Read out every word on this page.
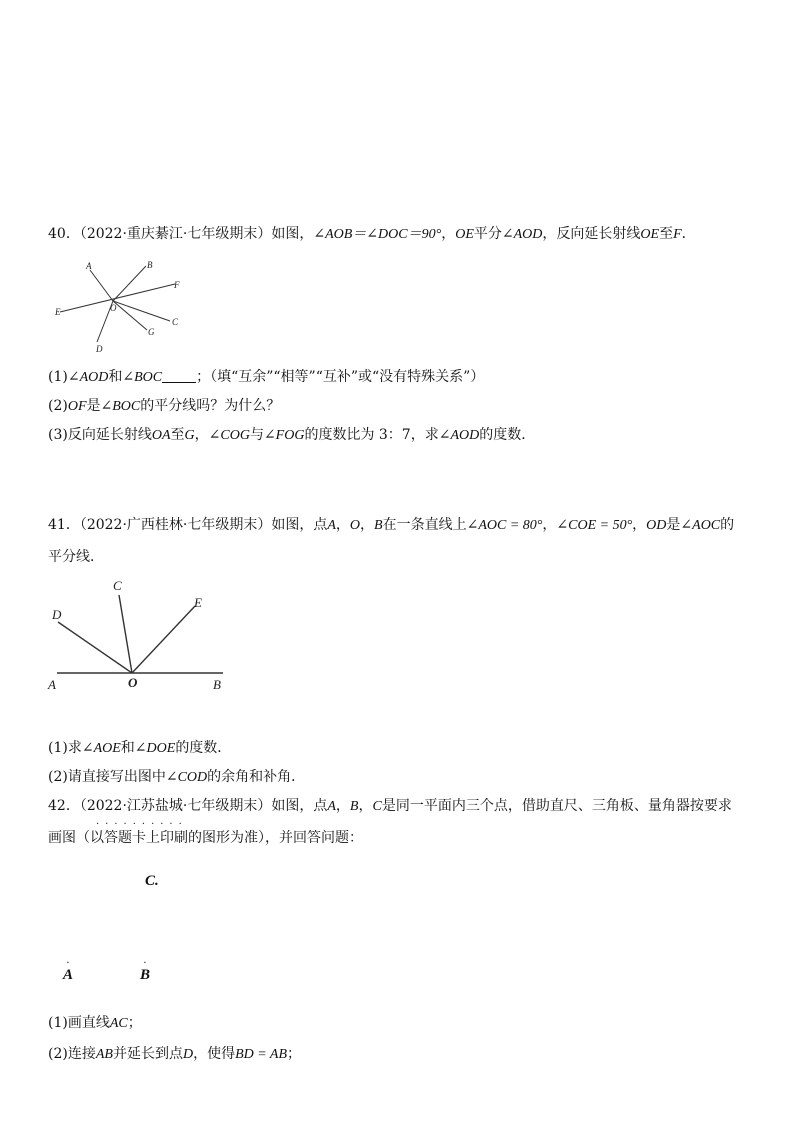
40．（2022·重庆綦江·七年级期末）如图，∠AOB＝∠DOC＝90°，OE平分∠AOD，反向延长射线OE至F．
A	B
F
E	O
C
G
D
(1)∠AOD和∠BOC ；（填“互余”“相等”“互补”或“没有特殊关系”）
(2)OF是∠BOC的平分线吗？为什么？
(3)反向延长射线OA至G，∠COG与∠FOG的度数比为 3：7，求∠AOD的度数．
41．（2022·广西桂林·七年级期末）如图，点A，O，B在一条直线上∠AOC = 80°，∠COE = 50°，OD是∠AOC的
平分线．
C
D
E
A	O	B
(1)求∠AOE和∠DOE的度数．
(2)请直接写出图中∠COD的余角和补角．
42．（2022·江苏盐城·七年级期末）如图，点A，B，C是同一平面内三个点，借助直尺、三角板、量角器按要求
··········
画图（以答题卡上印刷的图形为准），并回答问题：
C.
·
A
·
B
(1)画直线AC；
(2)连接AB并延长到点D，使得BD = AB；
